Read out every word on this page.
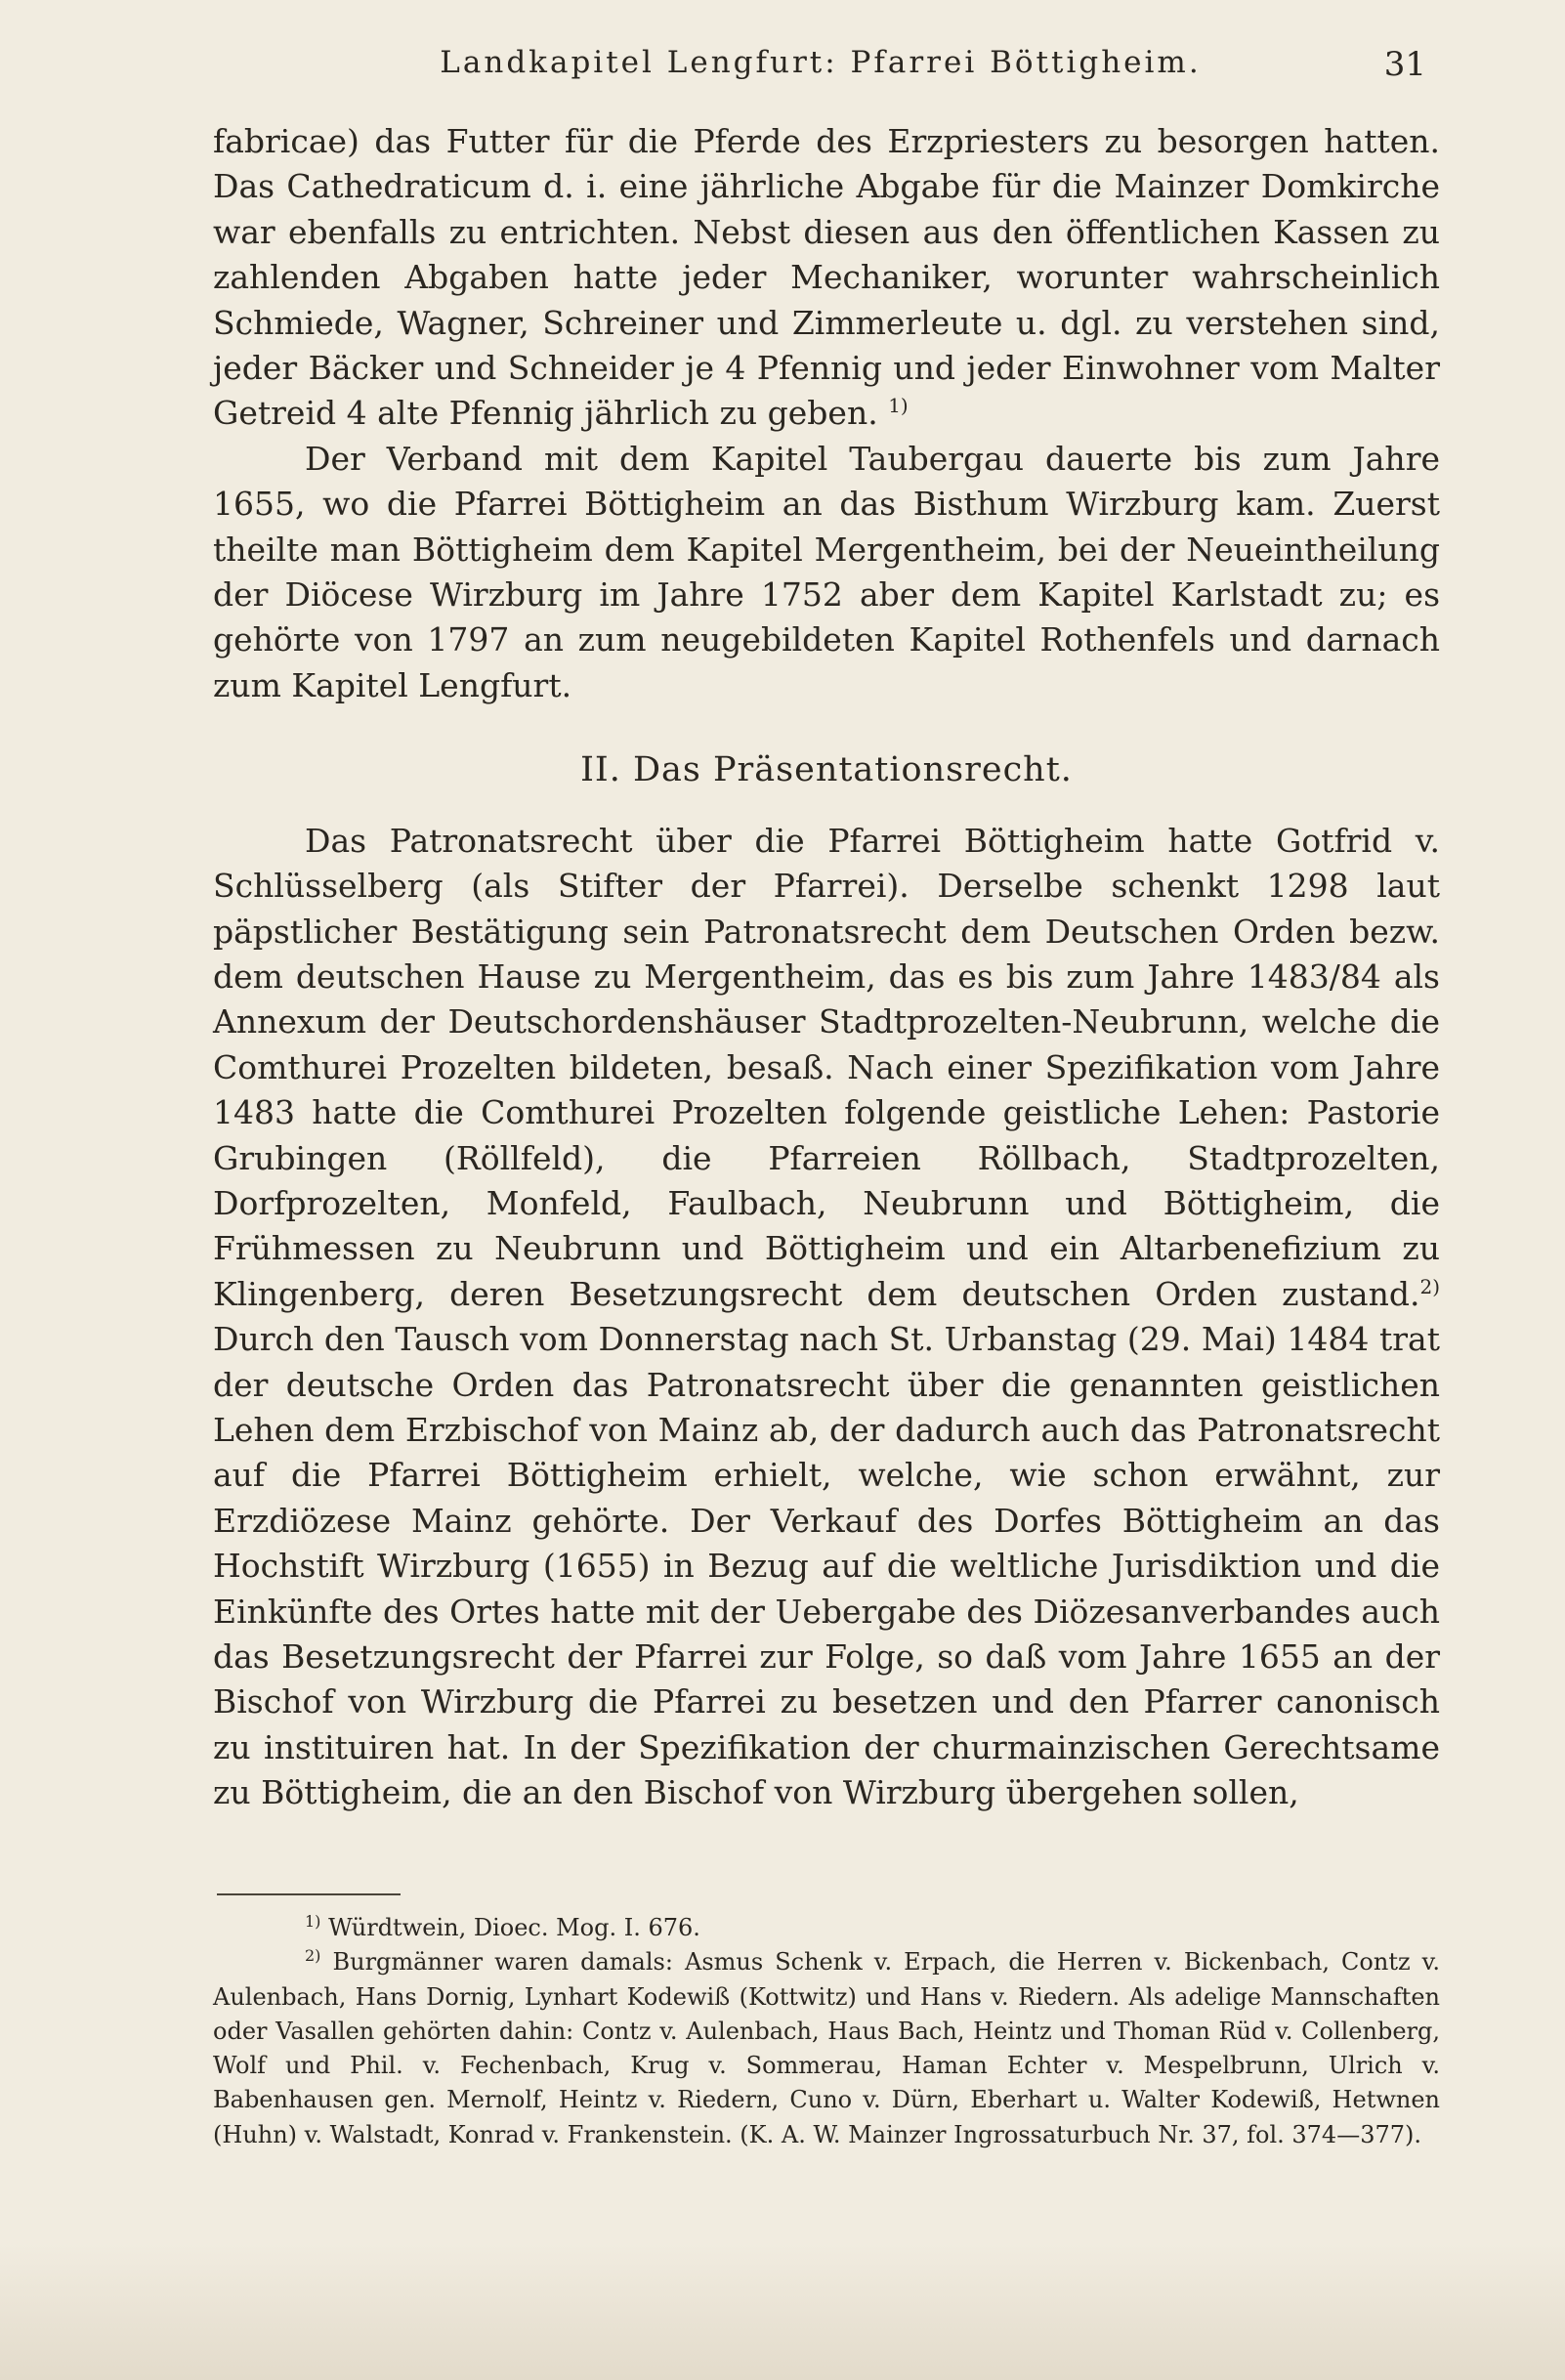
Landkapitel Lengfurt: Pfarrei Böttigheim.	31

fabricae) das Futter für die Pferde des Erzpriesters zu besorgen hatten. Das Cathedraticum d. i. eine jährliche Abgabe für die Mainzer Domkirche war ebenfalls zu entrichten. Nebst diesen aus den öffentlichen Kassen zu zahlenden Abgaben hatte jeder Mechaniker, worunter wahrscheinlich Schmiede, Wagner, Schreiner und Zimmerleute u. dgl. zu verstehen sind, jeder Bäcker und Schneider je 4 Pfennig und jeder Einwohner vom Malter Getreid 4 alte Pfennig jährlich zu geben. $^{1)}$

Der Verband mit dem Kapitel Taubergau dauerte bis zum Jahre 1655, wo die Pfarrei Böttigheim an das Bisthum Wirzburg kam. Zuerst theilte man Böttigheim dem Kapitel Mergentheim, bei der Neueintheilung der Diöcese Wirzburg im Jahre 1752 aber dem Kapitel Karlstadt zu; es gehörte von 1797 an zum neugebildeten Kapitel Rothenfels und darnach zum Kapitel Lengfurt.

II. Das Präsentationsrecht.

Das Patronatsrecht über die Pfarrei Böttigheim hatte Gotfrid v. Schlüsselberg (als Stifter der Pfarrei). Derselbe schenkt 1298 laut päpstlicher Bestätigung sein Patronatsrecht dem Deutschen Orden bezw. dem deutschen Hause zu Mergentheim, das es bis zum Jahre 1483/84 als Annexum der Deutschordenshäuser Stadtprozelten-Neubrunn, welche die Comthurei Prozelten bildeten, besaß. Nach einer Spezifikation vom Jahre 1483 hatte die Comthurei Prozelten folgende geistliche Lehen: Pastorie Grubingen (Röllfeld), die Pfarreien Röllbach, Stadtprozelten, Dorfprozelten, Monfeld, Faulbach, Neubrunn und Böttigheim, die Frühmessen zu Neubrunn und Böttigheim und ein Altarbenefizium zu Klingenberg, deren Besetzungsrecht dem deutschen Orden zustand.$^{2)}$ Durch den Tausch vom Donnerstag nach St. Urbanstag (29. Mai) 1484 trat der deutsche Orden das Patronatsrecht über die genannten geistlichen Lehen dem Erzbischof von Mainz ab, der dadurch auch das Patronatsrecht auf die Pfarrei Böttigheim erhielt, welche, wie schon erwähnt, zur Erzdiözese Mainz gehörte. Der Verkauf des Dorfes Böttigheim an das Hochstift Wirzburg (1655) in Bezug auf die weltliche Jurisdiktion und die Einkünfte des Ortes hatte mit der Uebergabe des Diözesanverbandes auch das Besetzungsrecht der Pfarrei zur Folge, so daß vom Jahre 1655 an der Bischof von Wirzburg die Pfarrei zu besetzen und den Pfarrer canonisch zu instituiren hat. In der Spezifikation der churmainzischen Gerechtsame zu Böttigheim, die an den Bischof von Wirzburg übergehen sollen,

$^{1)}$ Würdtwein, Dioec. Mog. I. 676.

$^{2)}$ Burgmänner waren damals: Asmus Schenk v. Erpach, die Herren v. Bickenbach, Contz v. Aulenbach, Hans Dornig, Lynhart Kodewiß (Kottwitz) und Hans v. Riedern. Als adelige Mannschaften oder Vasallen gehörten dahin: Contz v. Aulenbach, Haus Bach, Heintz und Thoman Rüd v. Collenberg, Wolf und Phil. v. Fechenbach, Krug v. Sommerau, Haman Echter v. Mespelbrunn, Ulrich v. Babenhausen gen. Mernolf, Heintz v. Riedern, Cuno v. Dürn, Eberhart u. Walter Kodewiß, Hetwnen (Huhn) v. Walstadt, Konrad v. Frankenstein. (K. A. W. Mainzer Ingrossaturbuch Nr. 37, fol. 374—377).
